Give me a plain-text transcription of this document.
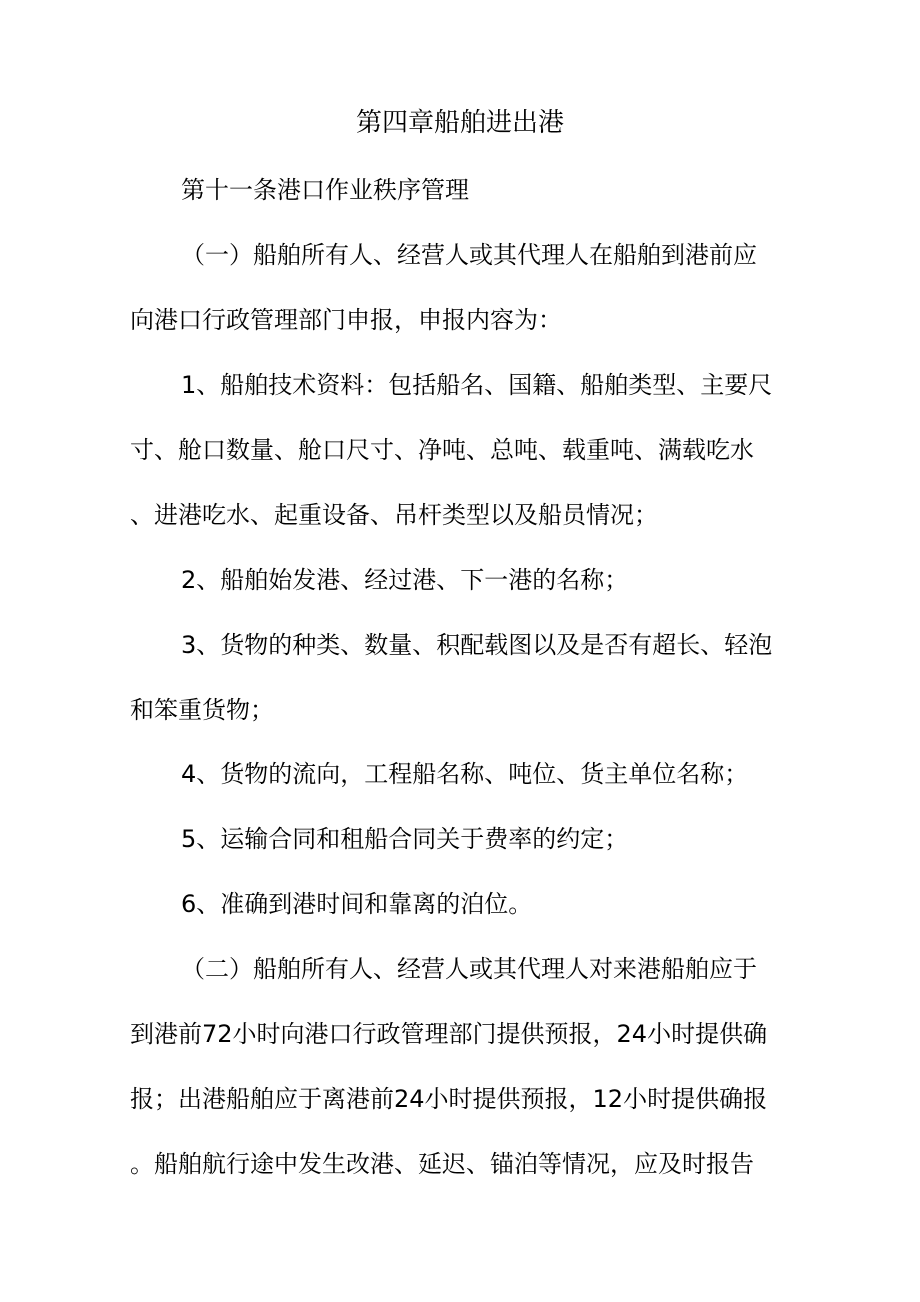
第四章船舶进出港
第十一条港口作业秩序管理
（一）船舶所有人、经营人或其代理人在船舶到港前应
向港口行政管理部门申报，申报内容为：
1、船舶技术资料：包括船名、国籍、船舶类型、主要尺
寸、舱口数量、舱口尺寸、净吨、总吨、载重吨、满载吃水
、进港吃水、起重设备、吊杆类型以及船员情况；
2、船舶始发港、经过港、下一港的名称；
3、货物的种类、数量、积配载图以及是否有超长、轻泡
和笨重货物；
4、货物的流向，工程船名称、吨位、货主单位名称；
5、运输合同和租船合同关于费率的约定；
6、准确到港时间和靠离的泊位。
（二）船舶所有人、经营人或其代理人对来港船舶应于
到港前72小时向港口行政管理部门提供预报，24小时提供确
报；出港船舶应于离港前24小时提供预报，12小时提供确报
。船舶航行途中发生改港、延迟、锚泊等情况，应及时报告
